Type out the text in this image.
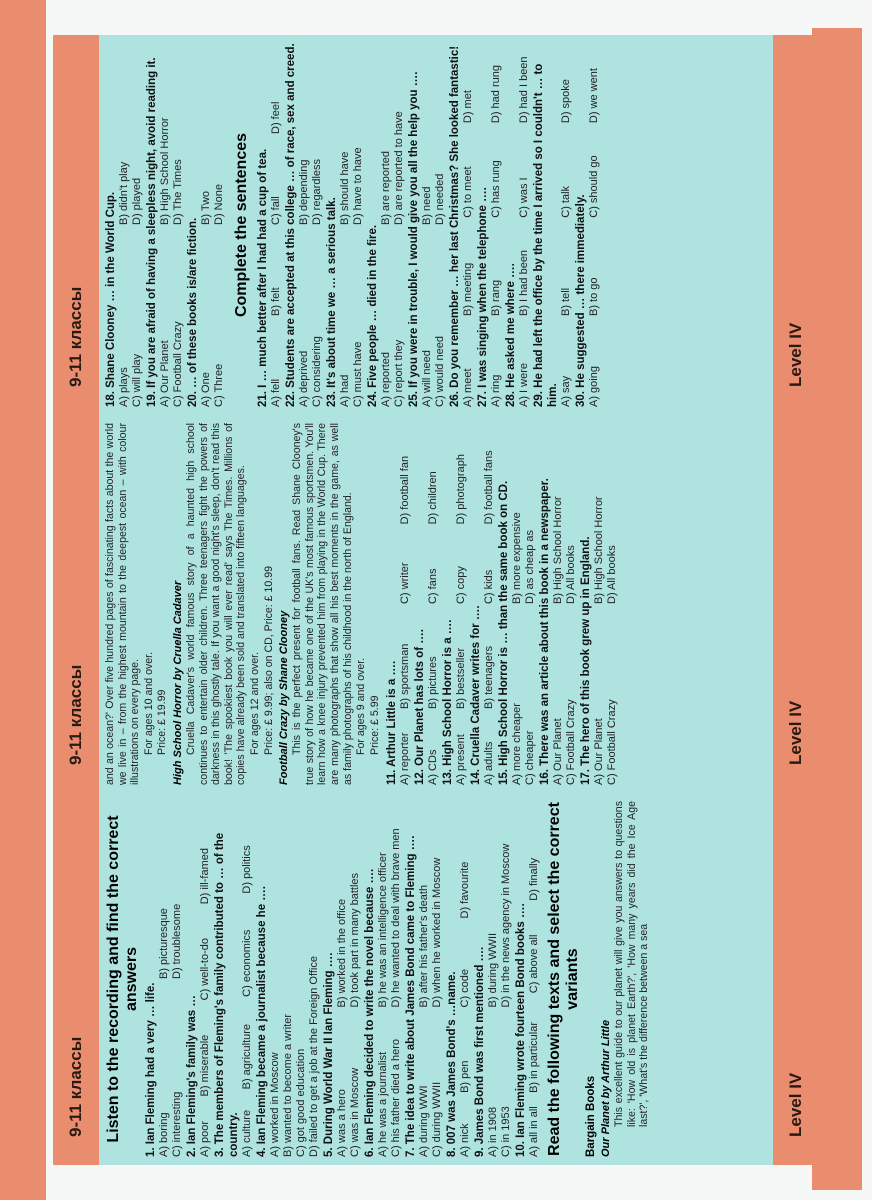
9-11 классы	Listen to the recording and find the correct answers
1. Ian Fleming had a very … life. A) boring
B) picturesque
C) interesting
D) troublesome
2. Ian Fleming's family was … A) poor
B) miserable
C) well-to-do
D) ill-famed 3. The members of Fleming's family contributed to … of the country. A) culture
B) agriculture
C) economics
D) politics
4. Ian Fleming became a journalist because he …. A) worked in Moscow B) wanted to become a writer C) got good education D) failed to get a job at the Foreign Office 5. During World War II Ian Fleming …. A) was a hero
B) worked in the office
C) was in Moscow
D) took part in many battles 6. Ian Fleming decided to write the novel because …. A) he was a journalist
B) he was an intelligence officer
C) his father died a hero
D) he wanted to deal with brave men 7. The idea to write about James Bond came to Fleming …. A) during WWI
B) after his father's death
C) during WWII
D) when he worked in Moscow
8. 007 was James Bond's …name. A) nick
B) pen
C) code
D) favourite
9. James Bond was first mentioned …. A) in 1908
B) during WWII
C) in 1953
D) in the news agency in Moscow 10. Ian Fleming wrote fourteen Bond books …. A) all in all
B) in particular
C) above all
D) finally Read the following texts and select the correct variants
Bargain Books Our Planet by Arthur Little This excellent guide to our planet will give you answers to questions like: 'How old is planet Earth?', 'How many years did the Ice Age last?', 'What's the difference between a sea	Level IV
9-11 классы	and an ocean?' Over five hundred pages of fascinating facts about the world we live in – from the highest mountain to the deepest ocean – with colour illustrations on every page. For ages 10 and over. Price: £ 19.99 High School Horror by Cruella Cadaver Cruella Cadaver's world famous story of a haunted high school continues to entertain older children. Three teenagers fight the powers of darkness in this ghostly tale. If you want a good night's sleep, don't read this book! 'The spookiest book you will ever read' says The Times. Millions of copies have already been sold and translated into fifteen languages. For ages 12 and over. Price: £ 9.99; also on CD, Price: £ 10.99 Football Crazy by Shane Clooney This is the perfect present for football fans. Read Shane Clooney's true story of how he became one of the UK's most famous sportsmen. You'll learn how a knee injury prevented him from playing in the World Cup. There are many photographs that show all his best moments in the game, as well as family photographs of his childhood in the north of England. For ages 9 and over. Price: £ 5.99 11. Arthur Little is a …. A) reporter
B) sportsman
C) writer
D) football fan
12. Our Planet has lots of …. A) CDs
B) pictures
C) fans
D) children
13. High School Horror is a …. A) present
B) bestseller
C) copy
D) photograph
14. Cruella Cadaver writes for …. A) adults
B) teenagers
C) kids
D) football fans 15. High School Horror is … than the same book on CD. A) more cheaper
B) more expensive
C) cheaper
D) as cheap as 16. There was an article about this book in a newspaper. A) Our Planet
B) High School Horror
C) Football Crazy
D) All books 17. The hero of this book grew up in England. A) Our Planet
B) High School Horror
C) Football Crazy
D) All books
Level IV
9-11 классы	18. Shane Clooney … in the World Cup. A) plays
B) didn't play
C) will play
D) played 19. If you are afraid of having a sleepless night, avoid reading it. A) Our Planet
B) High School Horror
C) Football Crazy
D) The Times
20. … of these books is/are fiction. A) One
B) Two
C) Three
D) None Complete the sentences 21. I … much better after I had had a cup of tea. A) fell
B) felt
C) fall
D) feel 22. Students are accepted at this college … of race, sex and creed. A) deprived
B) depending
C) considering
D) regardless
23. It's about time we … a serious talk. A) had
B) should have
C) must have
D) have to have
24. Five people … died in the fire. A) reported
B) are reported
C) report they
D) are reported to have 25. If you were in trouble, I would give you all the help you …. A) will need
B) need
C) would need
D) needed 26. Do you remember … her last Christmas? She looked fantastic! A) meet
B) meeting
C) to meet
D) met
27. I was singing when the telephone …. A) ring
B) rang
C) has rung
D) had rung
28. He asked me where …. A) I were
B) I had been
C) was I
D) had I been 29. He had left the office by the time I arrived so I couldn't … to him. A) say
B) tell
C) talk
D) spoke
30. He suggested … there immediately. A) going
B) to go
C) should go
D) we went
Level IV
